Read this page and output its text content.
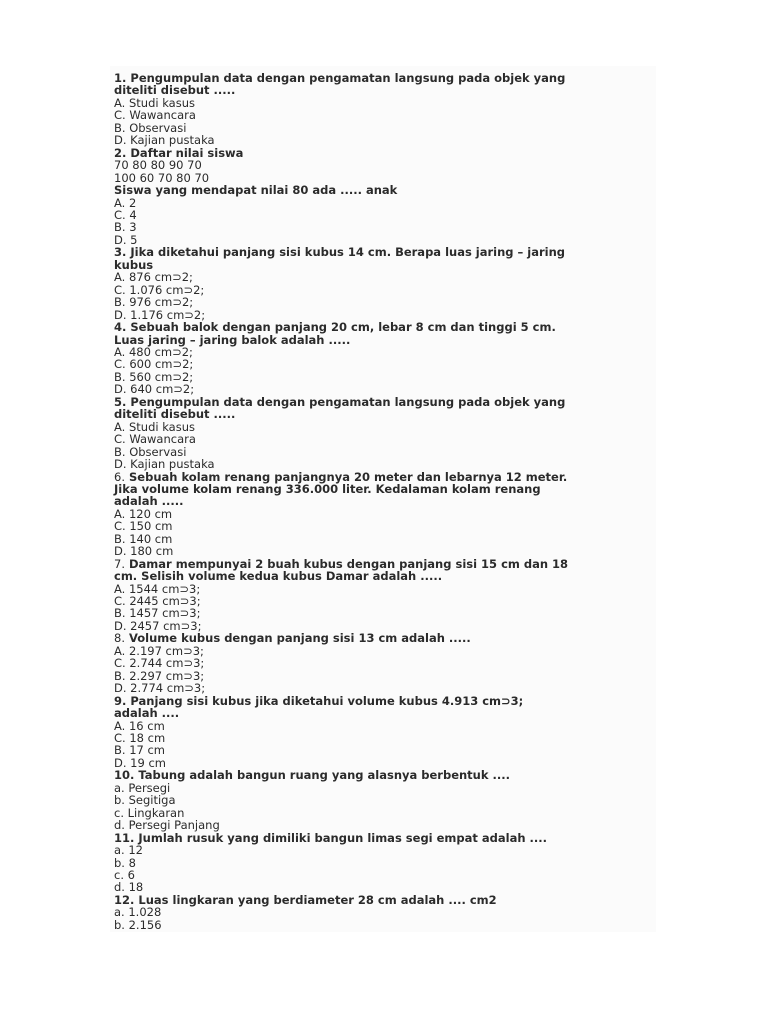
1. Pengumpulan data dengan pengamatan langsung pada objek yang
diteliti disebut .....
A. Studi kasus
C. Wawancara
B. Observasi
D. Kajian pustaka
2. Daftar nilai siswa
70 80 80 90 70
100 60 70 80 70
Siswa yang mendapat nilai 80 ada ..... anak
A. 2
C. 4
B. 3
D. 5
3. Jika diketahui panjang sisi kubus 14 cm. Berapa luas jaring – jaring
kubus
A. 876 cm⊃2;
C. 1.076 cm⊃2;
B. 976 cm⊃2;
D. 1.176 cm⊃2;
4. Sebuah balok dengan panjang 20 cm, lebar 8 cm dan tinggi 5 cm.
Luas jaring – jaring balok adalah .....
A. 480 cm⊃2;
C. 600 cm⊃2;
B. 560 cm⊃2;
D. 640 cm⊃2;
5. Pengumpulan data dengan pengamatan langsung pada objek yang
diteliti disebut .....
A. Studi kasus
C. Wawancara
B. Observasi
D. Kajian pustaka
6. Sebuah kolam renang panjangnya 20 meter dan lebarnya 12 meter.
Jika volume kolam renang 336.000 liter. Kedalaman kolam renang
adalah .....
A. 120 cm
C. 150 cm
B. 140 cm
D. 180 cm
7. Damar mempunyai 2 buah kubus dengan panjang sisi 15 cm dan 18
cm. Selisih volume kedua kubus Damar adalah .....
A. 1544 cm⊃3;
C. 2445 cm⊃3;
B. 1457 cm⊃3;
D. 2457 cm⊃3;
8. Volume kubus dengan panjang sisi 13 cm adalah .....
A. 2.197 cm⊃3;
C. 2.744 cm⊃3;
B. 2.297 cm⊃3;
D. 2.774 cm⊃3;
9. Panjang sisi kubus jika diketahui volume kubus 4.913 cm⊃3;
adalah ....
A. 16 cm
C. 18 cm
B. 17 cm
D. 19 cm
10. Tabung adalah bangun ruang yang alasnya berbentuk ....
a. Persegi
b. Segitiga
c. Lingkaran
d. Persegi Panjang
11. Jumlah rusuk yang dimiliki bangun limas segi empat adalah ....
a. 12
b. 8
c. 6
d. 18
12. Luas lingkaran yang berdiameter 28 cm adalah .... cm2
a. 1.028
b. 2.156
